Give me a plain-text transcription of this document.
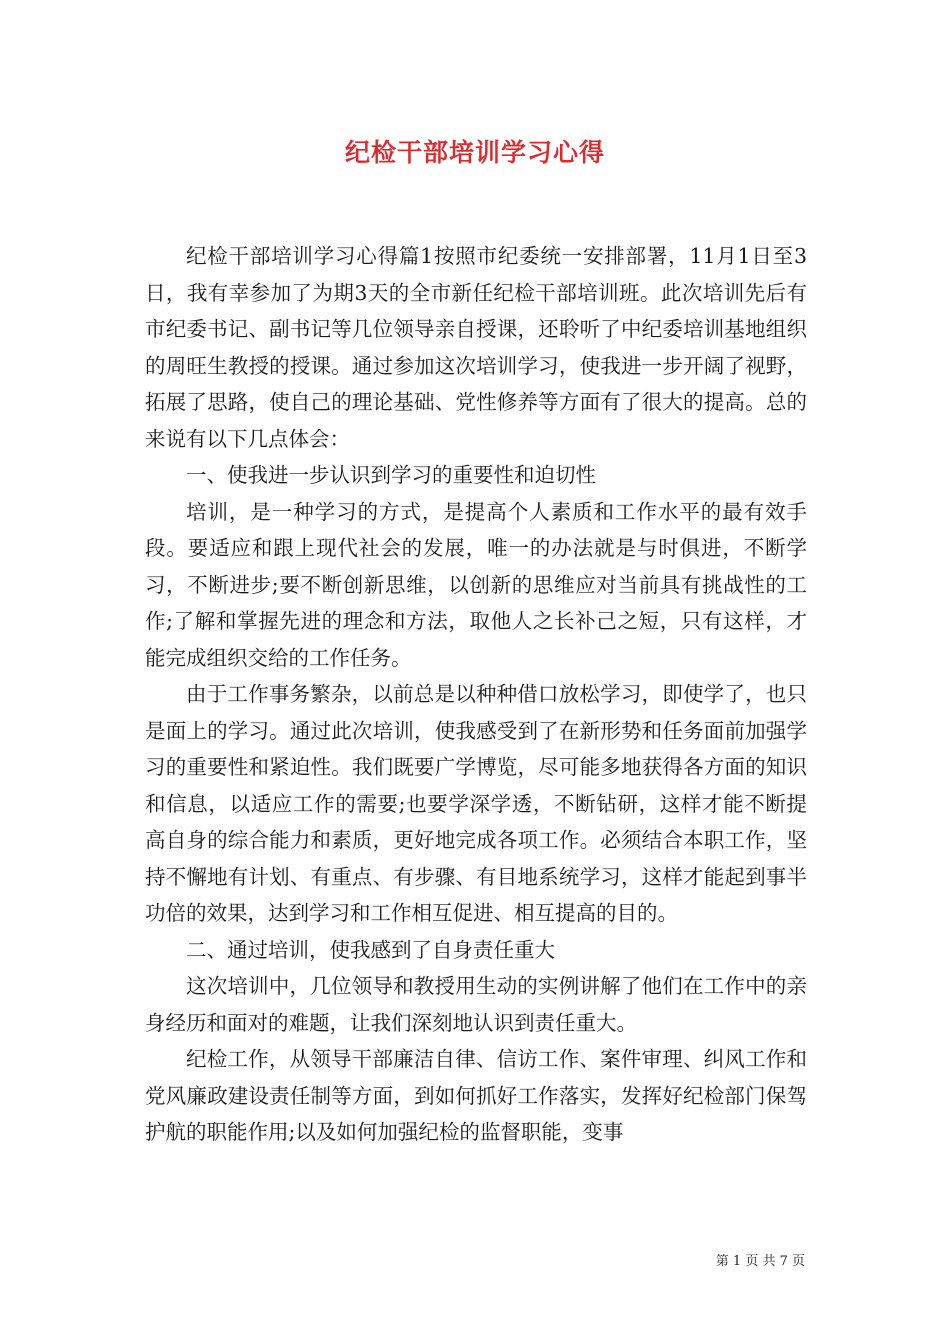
纪检干部培训学习心得

纪检干部培训学习心得篇1按照市纪委统一安排部署，11月1日至3日，我有幸参加了为期3天的全市新任纪检干部培训班。此次培训先后有市纪委书记、副书记等几位领导亲自授课，还聆听了中纪委培训基地组织的周旺生教授的授课。通过参加这次培训学习，使我进一步开阔了视野，拓展了思路，使自己的理论基础、党性修养等方面有了很大的提高。总的来说有以下几点体会：

一、使我进一步认识到学习的重要性和迫切性

培训，是一种学习的方式，是提高个人素质和工作水平的最有效手段。要适应和跟上现代社会的发展，唯一的办法就是与时俱进，不断学习，不断进步;要不断创新思维，以创新的思维应对当前具有挑战性的工作;了解和掌握先进的理念和方法，取他人之长补己之短，只有这样，才能完成组织交给的工作任务。

由于工作事务繁杂，以前总是以种种借口放松学习，即使学了，也只是面上的学习。通过此次培训，使我感受到了在新形势和任务面前加强学习的重要性和紧迫性。我们既要广学博览，尽可能多地获得各方面的知识和信息，以适应工作的需要;也要学深学透，不断钻研，这样才能不断提高自身的综合能力和素质，更好地完成各项工作。必须结合本职工作，坚持不懈地有计划、有重点、有步骤、有目地系统学习，这样才能起到事半功倍的效果，达到学习和工作相互促进、相互提高的目的。

二、通过培训，使我感到了自身责任重大

这次培训中，几位领导和教授用生动的实例讲解了他们在工作中的亲身经历和面对的难题，让我们深刻地认识到责任重大。

纪检工作，从领导干部廉洁自律、信访工作、案件审理、纠风工作和党风廉政建设责任制等方面，到如何抓好工作落实，发挥好纪检部门保驾护航的职能作用;以及如何加强纪检的监督职能，变事

第 1 页 共 7 页
